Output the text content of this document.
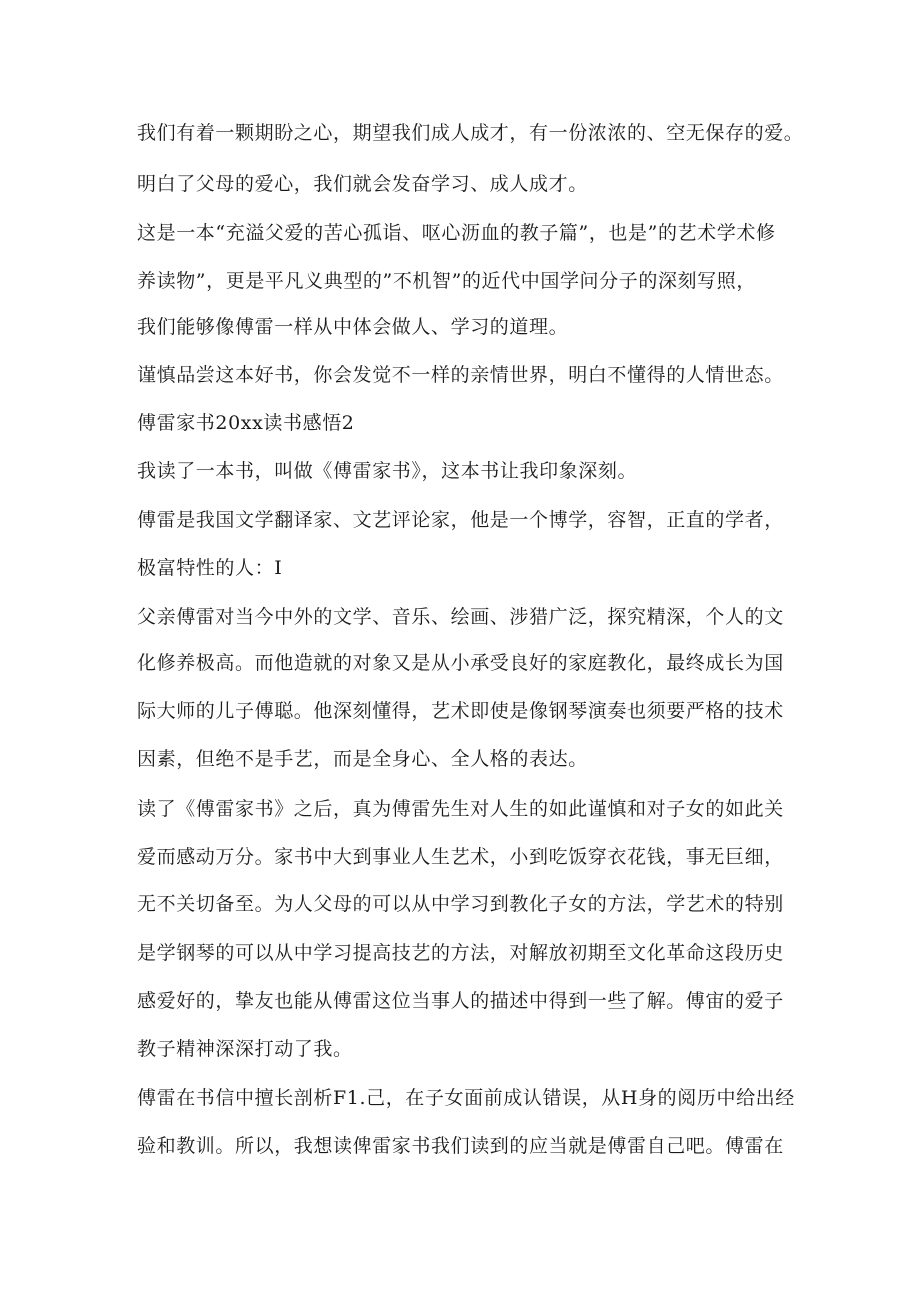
我们有着一颗期盼之心，期望我们成人成才，有一份浓浓的、空无保存的爱。
明白了父母的爱心，我们就会发奋学习、成人成才。
这是一本“充溢父爱的苦心孤诣、呕心沥血的教子篇”，也是”的艺术学术修
养读物”，更是平凡义典型的”不机智”的近代中国学问分子的深刻写照，
我们能够像傅雷一样从中体会做人、学习的道理。
谨慎品尝这本好书，你会发觉不一样的亲情世界，明白不懂得的人情世态。
傅雷家书20xx读书感悟2
我读了一本书，叫做《傅雷家书》，这本书让我印象深刻。
傅雷是我国文学翻译家、文艺评论家，他是一个博学，容智，正直的学者，
极富特性的人：I
父亲傅雷对当今中外的文学、音乐、绘画、涉猎广泛，探究精深，个人的文
化修养极高。而他造就的对象又是从小承受良好的家庭教化，最终成长为国
际大师的儿子傅聪。他深刻懂得，艺术即使是像钢琴演奏也须要严格的技术
因素，但绝不是手艺，而是全身心、全人格的表达。
读了《傅雷家书》之后，真为傅雷先生对人生的如此谨慎和对子女的如此关
爱而感动万分。家书中大到事业人生艺术，小到吃饭穿衣花钱，事无巨细，
无不关切备至。为人父母的可以从中学习到教化子女的方法，学艺术的特别
是学钢琴的可以从中学习提高技艺的方法，对解放初期至文化革命这段历史
感爱好的，挚友也能从傅雷这位当事人的描述中得到一些了解。傅宙的爱子
教子精神深深打动了我。
傅雷在书信中擅长剖析F1.己，在子女面前成认错误，从H身的阅历中给出经
验和教训。所以，我想读俾雷家书我们读到的应当就是傅雷自己吧。傅雷在
